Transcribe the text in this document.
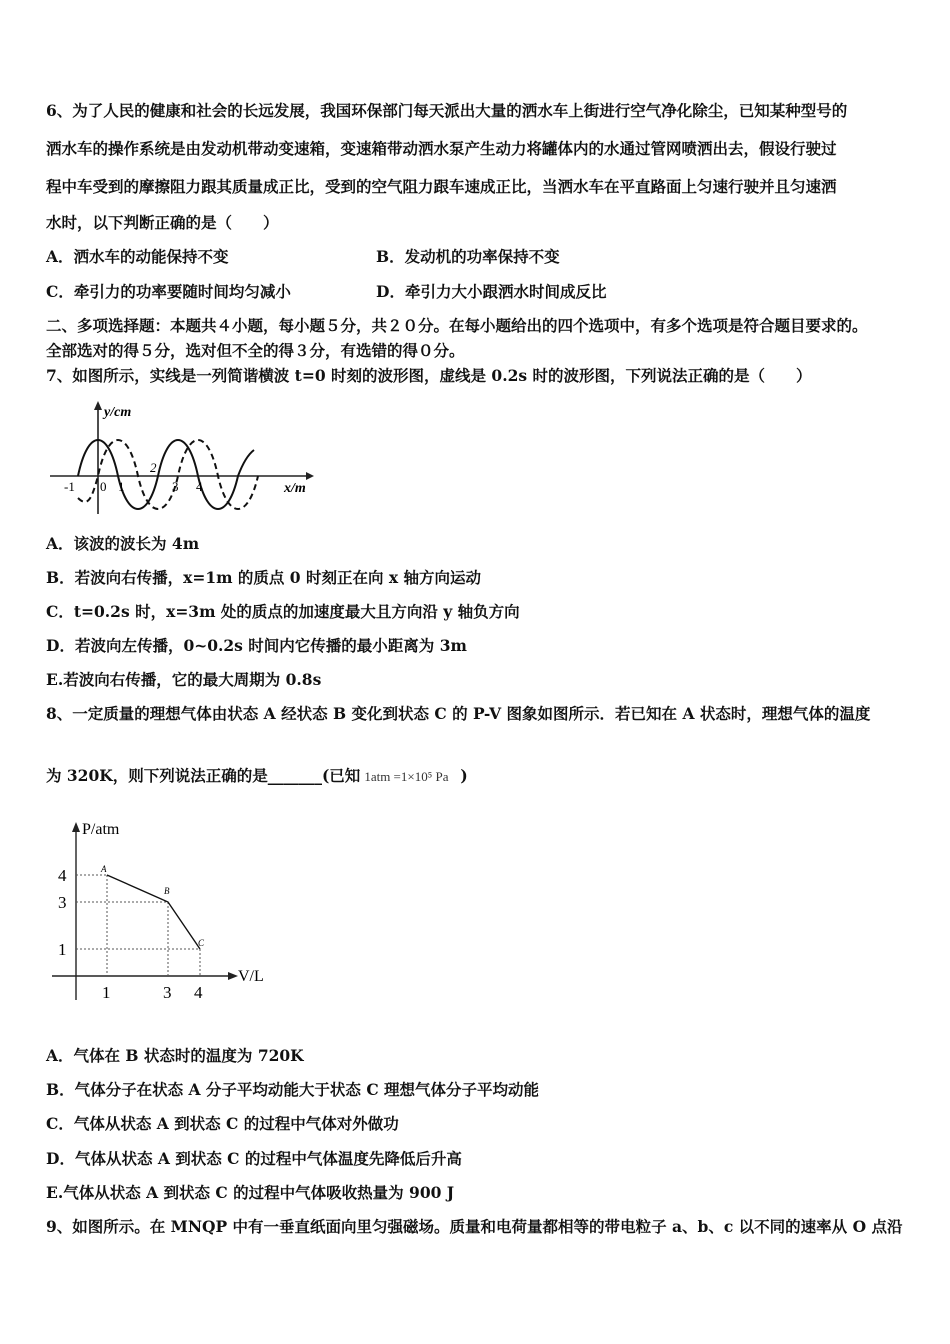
6、为了人民的健康和社会的长远发展，我国环保部门每天派出大量的洒水车上街进行空气净化除尘，已知某种型号的
洒水车的操作系统是由发动机带动变速箱，变速箱带动洒水泵产生动力将罐体内的水通过管网喷洒出去，假设行驶过
程中车受到的摩擦阻力跟其质量成正比，受到的空气阻力跟车速成正比，当洒水车在平直路面上匀速行驶并且匀速洒
水时，以下判断正确的是（　　）
A．洒水车的动能保持不变	B．发动机的功率保持不变
C．牵引力的功率要随时间均匀减小	D．牵引力大小跟洒水时间成反比
二、多项选择题：本题共４小题，每小题５分，共２０分。在每小题给出的四个选项中，有多个选项是符合题目要求的。
全部选对的得５分，选对但不全的得３分，有选错的得０分。
7、如图所示，实线是一列简谐横波 t=0 时刻的波形图，虚线是 0.2s 时的波形图，下列说法正确的是（　　）
y/cm
x/m
-1 0 1
2
3 4
A．该波的波长为 4m
B．若波向右传播，x=1m 的质点 0 时刻正在向 x 轴方向运动
C．t=0.2s 时，x=3m 处的质点的加速度最大且方向沿 y 轴负方向
D．若波向左传播，0~0.2s 时间内它传播的最小距离为 3m
E.若波向右传播，它的最大周期为 0.8s
8、一定质量的理想气体由状态 A 经状态 B 变化到状态 C 的 P-V 图象如图所示．若已知在 A 状态时，理想气体的温度
为 320K，则下列说法正确的是_______(已知 1atm =1×10⁵ Pa )
A
B
C
P/atm
V/L
4
3
1
1	3 4
A．气体在 B 状态时的温度为 720K
B．气体分子在状态 A 分子平均动能大于状态 C 理想气体分子平均动能
C．气体从状态 A 到状态 C 的过程中气体对外做功
D．气体从状态 A 到状态 C 的过程中气体温度先降低后升高
E.气体从状态 A 到状态 C 的过程中气体吸收热量为 900 J
9、如图所示。在 MNQP 中有一垂直纸面向里匀强磁场。质量和电荷量都相等的带电粒子 a、b、c 以不同的速率从 O 点沿
